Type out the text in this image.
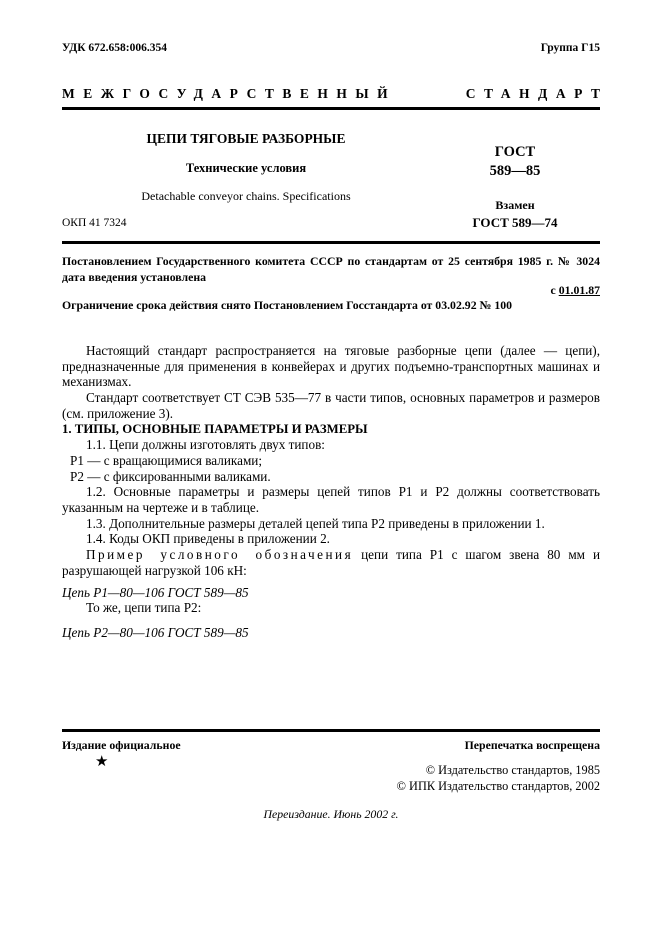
УДК 672.658:006.354	Группа Г15
МЕЖГОСУДАРСТВЕННЫЙ	СТАНДАРТ
ЦЕПИ ТЯГОВЫЕ РАЗБОРНЫЕ
Технические условия
Detachable conveyor chains. Specifications
ОКП 41 7324
ГОСТ
589—85
Взамен
ГОСТ 589—74
Постановлением Государственного комитета СССР по стандартам от 25 сентября 1985 г. № 3024 дата введения установлена
с 01.01.87
Ограничение срока действия снято Постановлением Госстандарта от 03.02.92 № 100

Настоящий стандарт распространяется на тяговые разборные цепи (далее — цепи), предназначенные для применения в конвейерах и других подъемно-транспортных машинах и механизмах.

Стандарт соответствует СТ СЭВ 535—77 в части типов, основных параметров и размеров (см. приложение 3).

1. ТИПЫ, ОСНОВНЫЕ ПАРАМЕТРЫ И РАЗМЕРЫ

1.1. Цепи должны изготовлять двух типов:

Р1 — с вращающимися валиками;

Р2 — с фиксированными валиками.

1.2. Основные параметры и размеры цепей типов Р1 и Р2 должны соответствовать указанным на чертеже и в таблице.

1.3. Дополнительные размеры деталей цепей типа Р2 приведены в приложении 1.

1.4. Коды ОКП приведены в приложении 2.

Пример условного обозначения цепи типа Р1 с шагом звена 80 мм и разрушающей нагрузкой 106 кН:

Цепь Р1—80—106 ГОСТ 589—85

То же, цепи типа Р2:

Цепь Р2—80—106 ГОСТ 589—85

Издание официальное	Перепечатка воспрещена
★	© Издательство стандартов, 1985
© ИПК Издательство стандартов, 2002
Переиздание. Июнь 2002 г.
